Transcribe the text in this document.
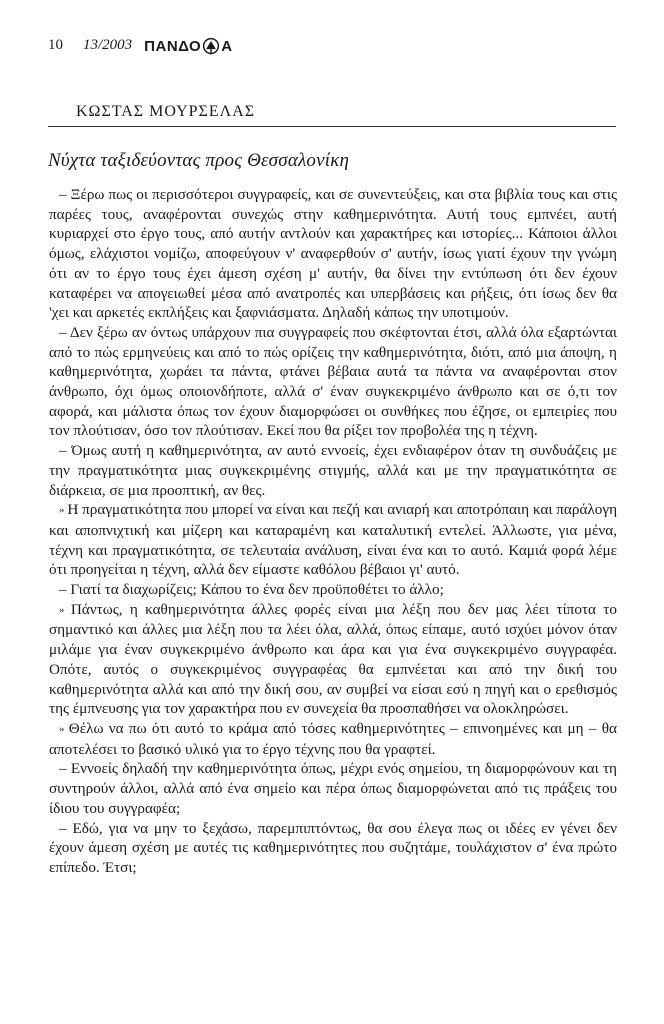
10 13/2003 ΠΑΝΔΟ Α
ΚΩΣΤΑΣ ΜΟΥΡΣΕΛΑΣ
Νύχτα ταξιδεύοντας προς Θεσσαλονίκη

– Ξέρω πως οι περισσότεροι συγγραφείς, και σε συνεντεύξεις, και στα βιβλία τους και στις παρέες τους, αναφέρονται συνεχώς στην καθημερινότητα. Αυτή τους εμπνέει, αυτή κυριαρχεί στο έργο τους, από αυτήν αντλούν και χαρακτήρες και ιστορίες... Κάποιοι άλλοι όμως, ελάχιστοι νομίζω, αποφεύγουν ν' αναφερθούν σ' αυτήν, ίσως γιατί έχουν την γνώμη ότι αν το έργο τους έχει άμεση σχέση μ' αυτήν, θα δίνει την εντύπωση ότι δεν έχουν καταφέρει να απογειωθεί μέσα από ανατροπές και υπερβάσεις και ρήξεις, ότι ίσως δεν θα 'χει και αρκετές εκπλήξεις και ξαφνιάσματα. Δηλαδή κάπως την υποτιμούν.

– Δεν ξέρω αν όντως υπάρχουν πια συγγραφείς που σκέφτονται έτσι, αλλά όλα εξαρτώνται από το πώς ερμηνεύεις και από το πώς ορίζεις την καθημερινότητα, διότι, από μια άποψη, η καθημερινότητα, χωράει τα πάντα, φτάνει βέβαια αυτά τα πάντα να αναφέρονται στον άνθρωπο, όχι όμως οποιονδήποτε, αλλά σ' έναν συγκεκριμένο άνθρωπο και σε ό,τι τον αφορά, και μάλιστα όπως τον έχουν διαμορφώσει οι συνθήκες που έζησε, οι εμπειρίες που τον πλούτισαν, όσο τον πλούτισαν. Εκεί που θα ρίξει τον προβολέα της η τέχνη.

– Όμως αυτή η καθημερινότητα, αν αυτό εννοείς, έχει ενδιαφέρον όταν τη συνδυάζεις με την πραγματικότητα μιας συγκεκριμένης στιγμής, αλλά και με την πραγματικότητα σε διάρκεια, σε μια προοπτική, αν θες.

» Η πραγματικότητα που μπορεί να είναι και πεζή και ανιαρή και αποτρόπαιη και παράλογη και αποπνιχτική και μίζερη και καταραμένη και καταλυτική εντελεί. Άλλωστε, για μένα, τέχνη και πραγματικότητα, σε τελευταία ανάλυση, είναι ένα και το αυτό. Καμιά φορά λέμε ότι προηγείται η τέχνη, αλλά δεν είμαστε καθόλου βέβαιοι γι' αυτό.

– Γιατί τα διαχωρίζεις; Κάπου το ένα δεν προϋποθέτει το άλλο;

» Πάντως, η καθημερινότητα άλλες φορές είναι μια λέξη που δεν μας λέει τίποτα το σημαντικό και άλλες μια λέξη που τα λέει όλα, αλλά, όπως είπαμε, αυτό ισχύει μόνον όταν μιλάμε για έναν συγκεκριμένο άνθρωπο και άρα και για ένα συγκεκριμένο συγγραφέα. Οπότε, αυτός ο συγκεκριμένος συγγραφέας θα εμπνέεται και από την δική του καθημερινότητα αλλά και από την δική σου, αν συμβεί να είσαι εσύ η πηγή και ο ερεθισμός της έμπνευσης για τον χαρακτήρα που εν συνεχεία θα προσπαθήσει να ολοκληρώσει.

» Θέλω να πω ότι αυτό το κράμα από τόσες καθημερινότητες – επινοημένες και μη – θα αποτελέσει το βασικό υλικό για το έργο τέχνης που θα γραφτεί.

– Εννοείς δηλαδή την καθημερινότητα όπως, μέχρι ενός σημείου, τη διαμορφώνουν και τη συντηρούν άλλοι, αλλά από ένα σημείο και πέρα όπως διαμορφώνεται από τις πράξεις του ίδιου του συγγραφέα;

– Εδώ, για να μην το ξεχάσω, παρεμπιπτόντως, θα σου έλεγα πως οι ιδέες εν γένει δεν έχουν άμεση σχέση με αυτές τις καθημερινότητες που συζητάμε, τουλάχιστον σ' ένα πρώτο επίπεδο. Έτσι;
